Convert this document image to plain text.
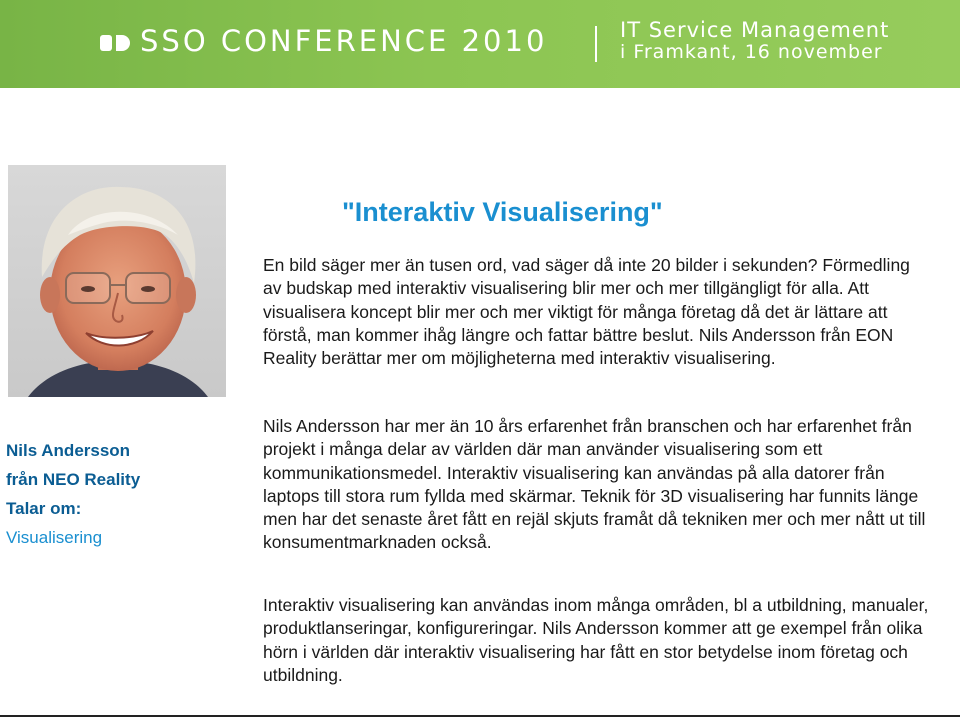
SSO CONFERENCE 2010	IT Service Management
i Framkant, 16 november
Nils Andersson
från NEO Reality
Talar om:
Visualisering
"Interaktiv Visualisering"
En bild säger mer än tusen ord, vad säger då inte 20 bilder i sekunden? Förmedling av budskap med interaktiv visualisering blir mer och mer tillgängligt för alla. Att visualisera koncept blir mer och mer viktigt för många företag då det är lättare att förstå, man kommer ihåg längre och fattar bättre beslut. Nils Andersson från EON Reality berättar mer om möjligheterna med interaktiv visualisering.
Nils Andersson har mer än 10 års erfarenhet från branschen och har erfarenhet från projekt i många delar av världen där man använder visualisering som ett kommunikationsmedel. Interaktiv visualisering kan användas på alla datorer från laptops till stora rum fyllda med skärmar. Teknik för 3D visualisering har funnits länge men har det senaste året fått en rejäl skjuts framåt då tekniken mer och mer nått ut till konsumentmarknaden också.
Interaktiv visualisering kan användas inom många områden, bl a utbildning, manualer, produktlanseringar, konfigureringar. Nils Andersson kommer att ge exempel från olika hörn i världen där interaktiv visualisering har fått en stor betydelse inom företag och utbildning.
